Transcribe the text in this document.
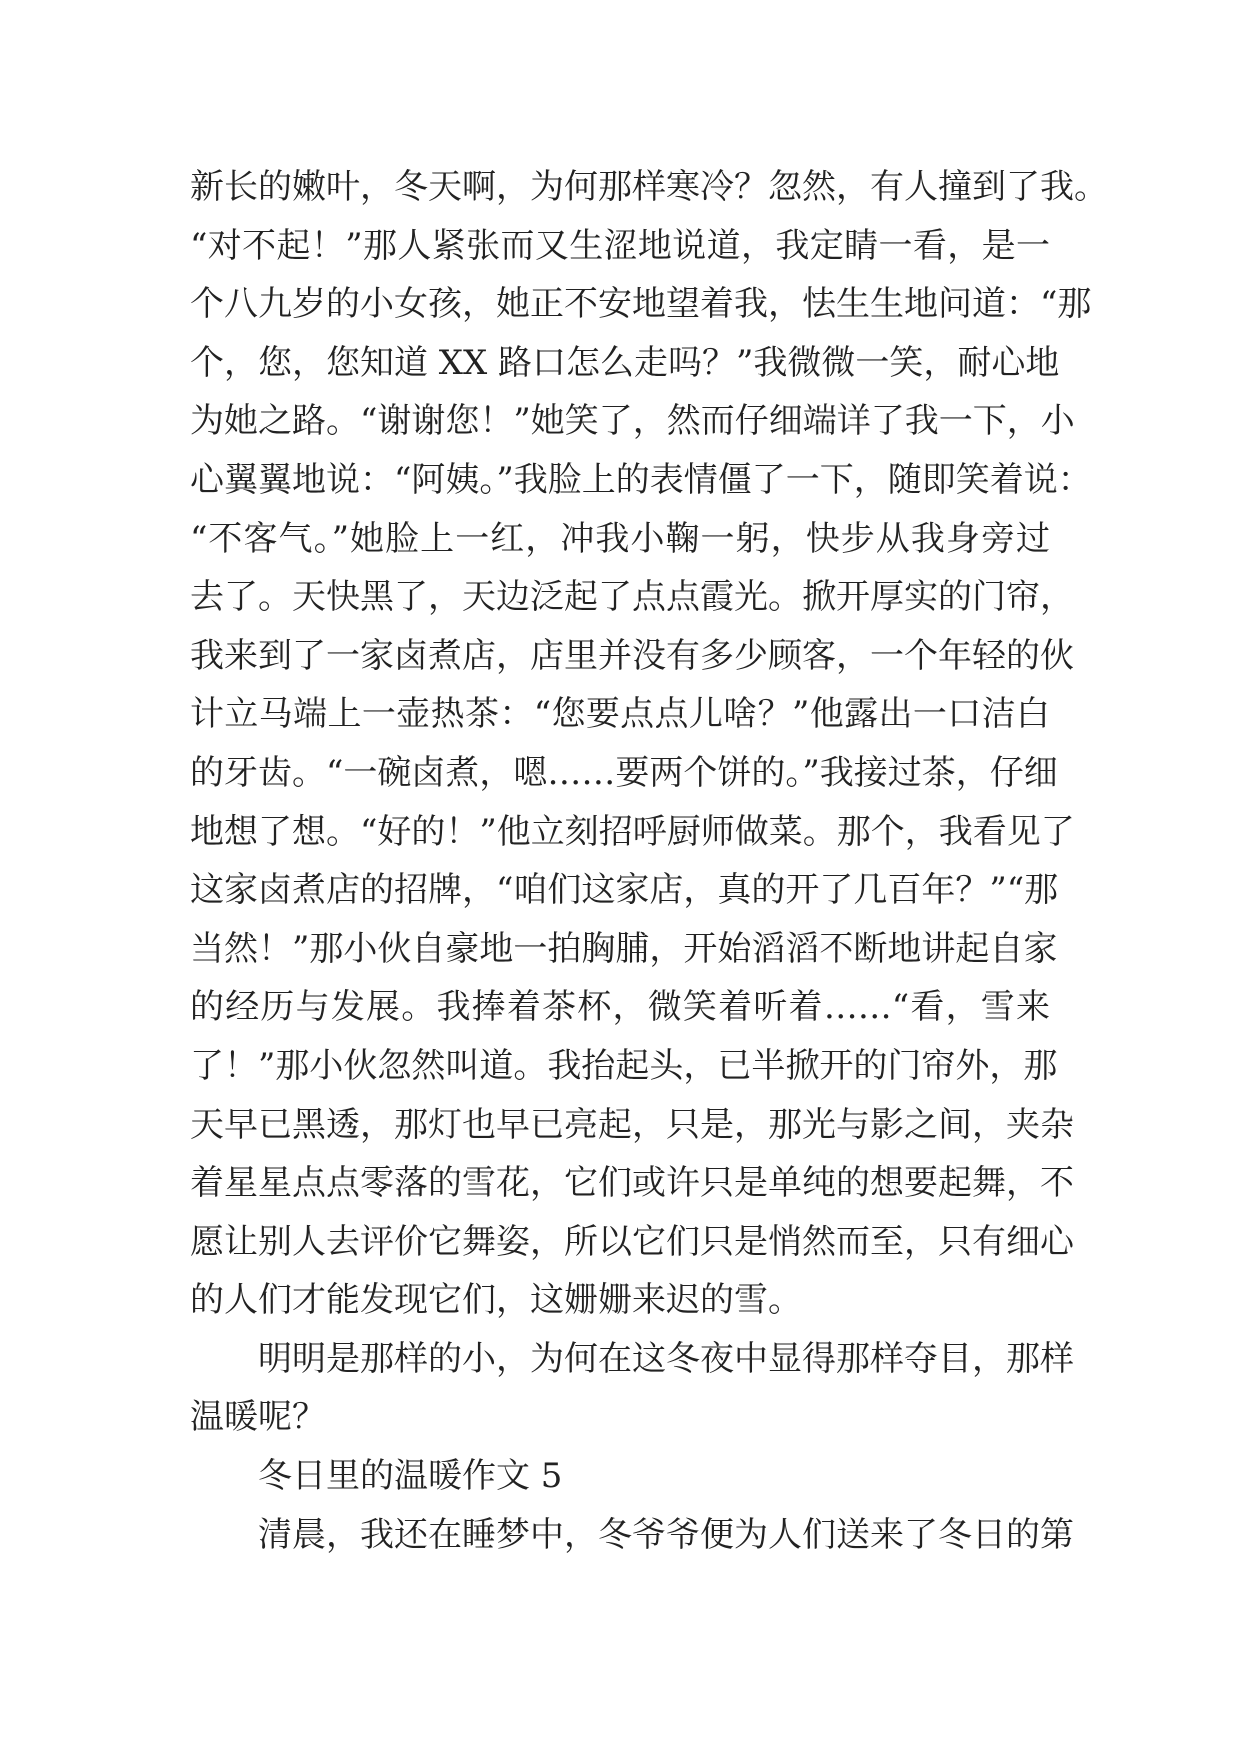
新长的嫩叶，冬天啊，为何那样寒冷？忽然，有人撞到了我。

“对不起！”那人紧张而又生涩地说道，我定睛一看，是一

个八九岁的小女孩，她正不安地望着我，怯生生地问道：“那

个，您，您知道 XX 路口怎么走吗？”我微微一笑，耐心地

为她之路。“谢谢您！”她笑了，然而仔细端详了我一下，小

心翼翼地说：“阿姨。”我脸上的表情僵了一下，随即笑着说：

“不客气。”她脸上一红，冲我小鞠一躬，快步从我身旁过

去了。天快黑了，天边泛起了点点霞光。掀开厚实的门帘，

我来到了一家卤煮店，店里并没有多少顾客，一个年轻的伙

计立马端上一壶热茶：“您要点点儿啥？”他露出一口洁白

的牙齿。“一碗卤煮，嗯……要两个饼的。”我接过茶，仔细

地想了想。“好的！”他立刻招呼厨师做菜。那个，我看见了

这家卤煮店的招牌，“咱们这家店，真的开了几百年？”“那

当然！”那小伙自豪地一拍胸脯，开始滔滔不断地讲起自家

的经历与发展。我捧着茶杯，微笑着听着……“看，雪来

了！”那小伙忽然叫道。我抬起头，已半掀开的门帘外，那

天早已黑透，那灯也早已亮起，只是，那光与影之间，夹杂

着星星点点零落的雪花，它们或许只是单纯的想要起舞，不

愿让别人去评价它舞姿，所以它们只是悄然而至，只有细心

的人们才能发现它们，这姗姗来迟的雪。

明明是那样的小，为何在这冬夜中显得那样夺目，那样

温暖呢？

冬日里的温暖作文 5

清晨，我还在睡梦中，冬爷爷便为人们送来了冬日的第
